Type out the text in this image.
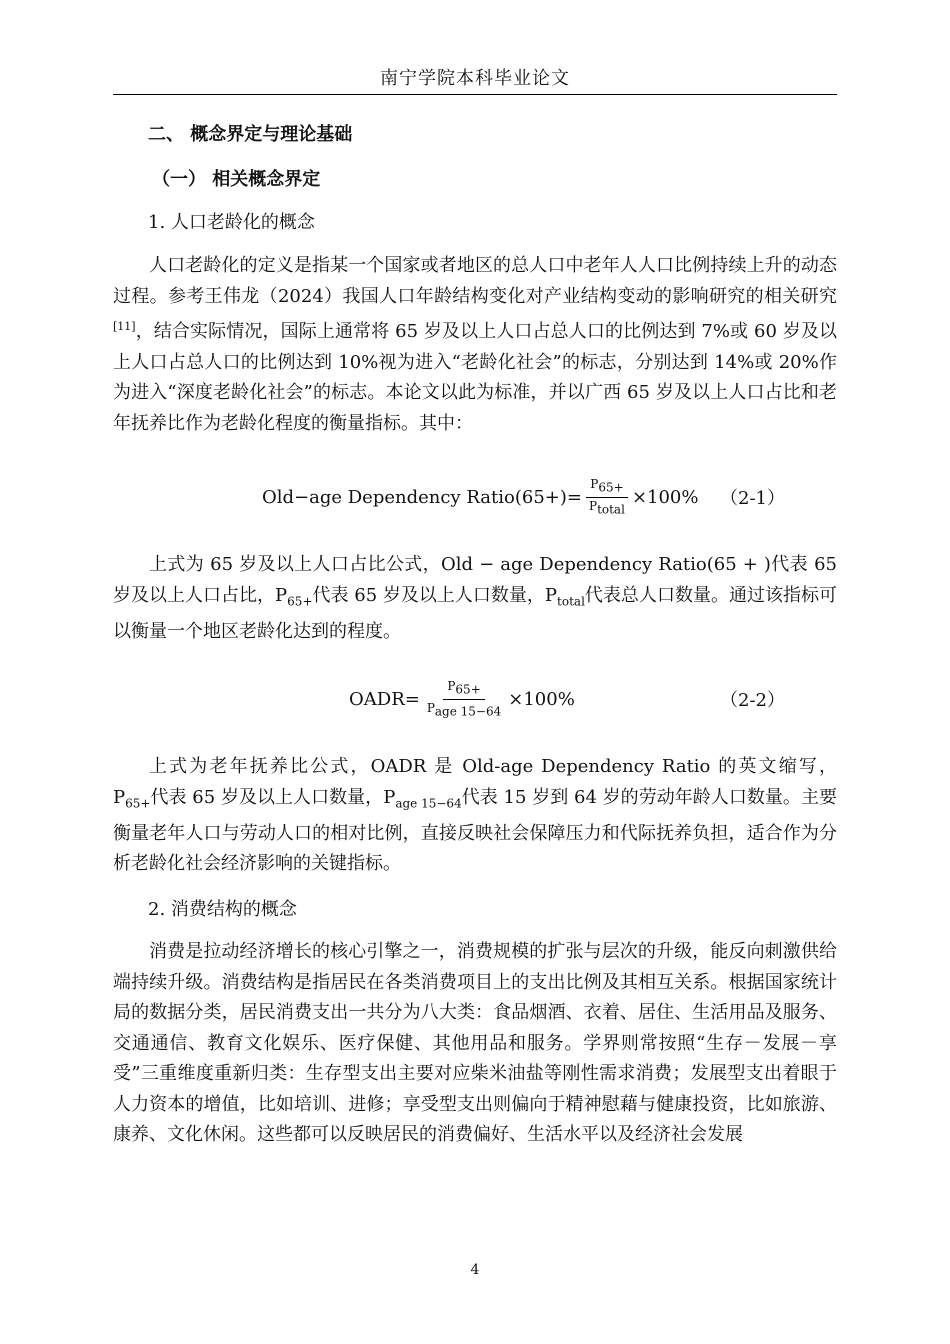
南宁学院本科毕业论文
二、 概念界定与理论基础
（一） 相关概念界定
1. 人口老龄化的概念

人口老龄化的定义是指某一个国家或者地区的总人口中老年人人口比例持续上升的动态过程。参考王伟龙（2024）我国人口年龄结构变化对产业结构变动的影响研究的相关研究[11]，结合实际情况，国际上通常将 65 岁及以上人口占总人口的比例达到 7%或 60 岁及以上人口占总人口的比例达到 10%视为进入“老龄化社会”的标志，分别达到 14%或 20%作为进入“深度老龄化社会”的标志。本论文以此为标准，并以广西 65 岁及以上人口占比和老年抚养比作为老龄化程度的衡量指标。其中：

Old−age Dependency Ratio(65+)= $\frac{P_{65+}}{P_{total}} \times 100\%$ （2-1）

上式为 65 岁及以上人口占比公式，Old − age Dependency Ratio(65 + )代表 65 岁及以上人口占比，$P_{65+}$代表 65 岁及以上人口数量，$P_{total}$代表总人口数量。通过该指标可以衡量一个地区老龄化达到的程度。

OADR= $\frac{P_{65+}}{P_{age 15-64}} \times 100\%$	（2-2）

上式为老年抚养比公式，OADR 是 Old-age Dependency Ratio 的英文缩写，$P_{65+}$代表 65 岁及以上人口数量，$P_{age 15-64}$代表 15 岁到 64 岁的劳动年龄人口数量。主要衡量老年人口与劳动人口的相对比例，直接反映社会保障压力和代际抚养负担，适合作为分析老龄化社会经济影响的关键指标。

2. 消费结构的概念

消费是拉动经济增长的核心引擎之一，消费规模的扩张与层次的升级，能反向刺激供给端持续升级。消费结构是指居民在各类消费项目上的支出比例及其相互关系。根据国家统计局的数据分类，居民消费支出一共分为八大类：食品烟酒、衣着、居住、生活用品及服务、交通通信、教育文化娱乐、医疗保健、其他用品和服务。学界则常按照“生存－发展－享受”三重维度重新归类：生存型支出主要对应柴米油盐等刚性需求消费；发展型支出着眼于人力资本的增值，比如培训、进修；享受型支出则偏向于精神慰藉与健康投资，比如旅游、康养、文化休闲。这些都可以反映居民的消费偏好、生活水平以及经济社会发展

4
